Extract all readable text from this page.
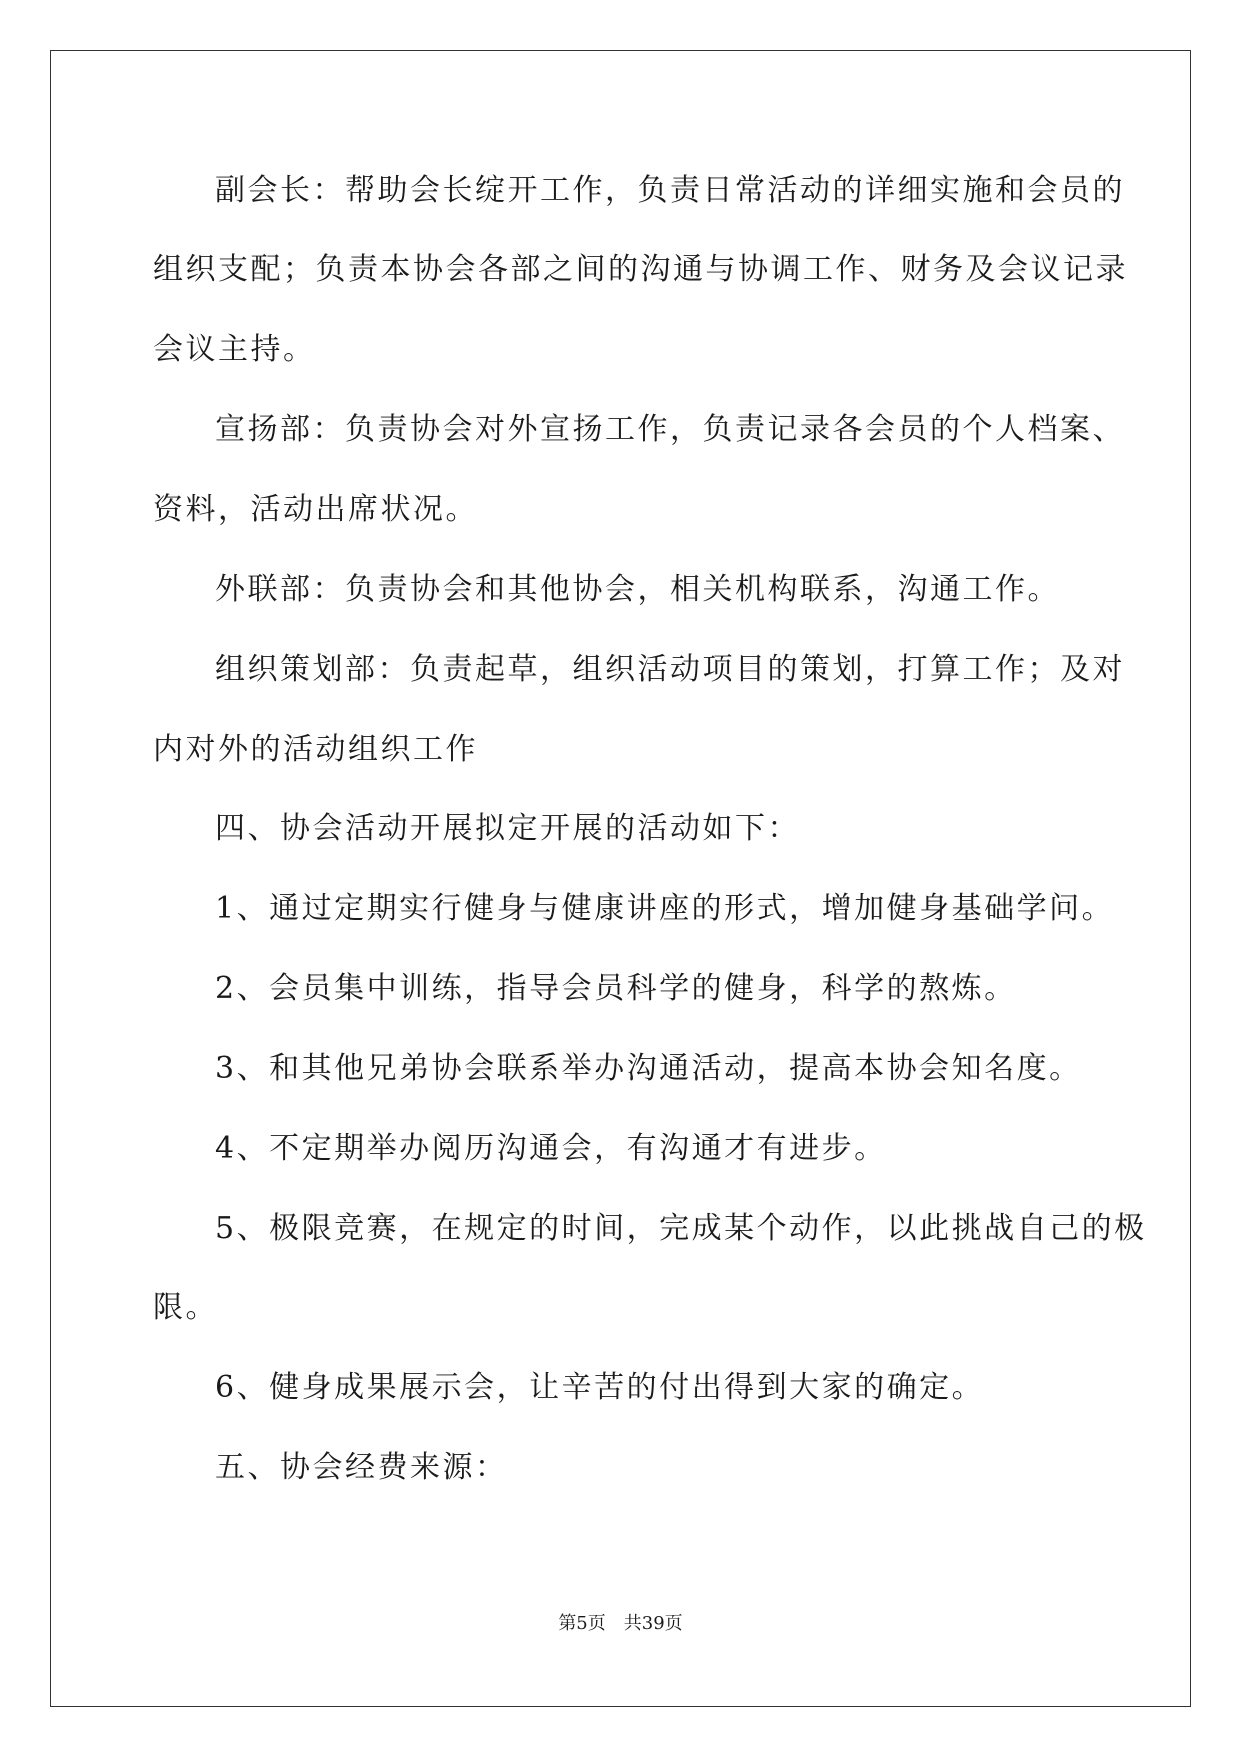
副会长：帮助会长绽开工作，负责日常活动的详细实施和会员的
组织支配；负责本协会各部之间的沟通与协调工作、财务及会议记录
会议主持。
宣扬部：负责协会对外宣扬工作，负责记录各会员的个人档案、
资料，活动出席状况。
外联部：负责协会和其他协会，相关机构联系，沟通工作。
组织策划部：负责起草，组织活动项目的策划，打算工作；及对
内对外的活动组织工作
四、协会活动开展拟定开展的活动如下：
1、通过定期实行健身与健康讲座的形式，增加健身基础学问。
2、会员集中训练，指导会员科学的健身，科学的熬炼。
3、和其他兄弟协会联系举办沟通活动，提高本协会知名度。
4、不定期举办阅历沟通会，有沟通才有进步。
5、极限竞赛，在规定的时间，完成某个动作，以此挑战自己的极
限。
6、健身成果展示会，让辛苦的付出得到大家的确定。
五、协会经费来源：
第5页 共39页
